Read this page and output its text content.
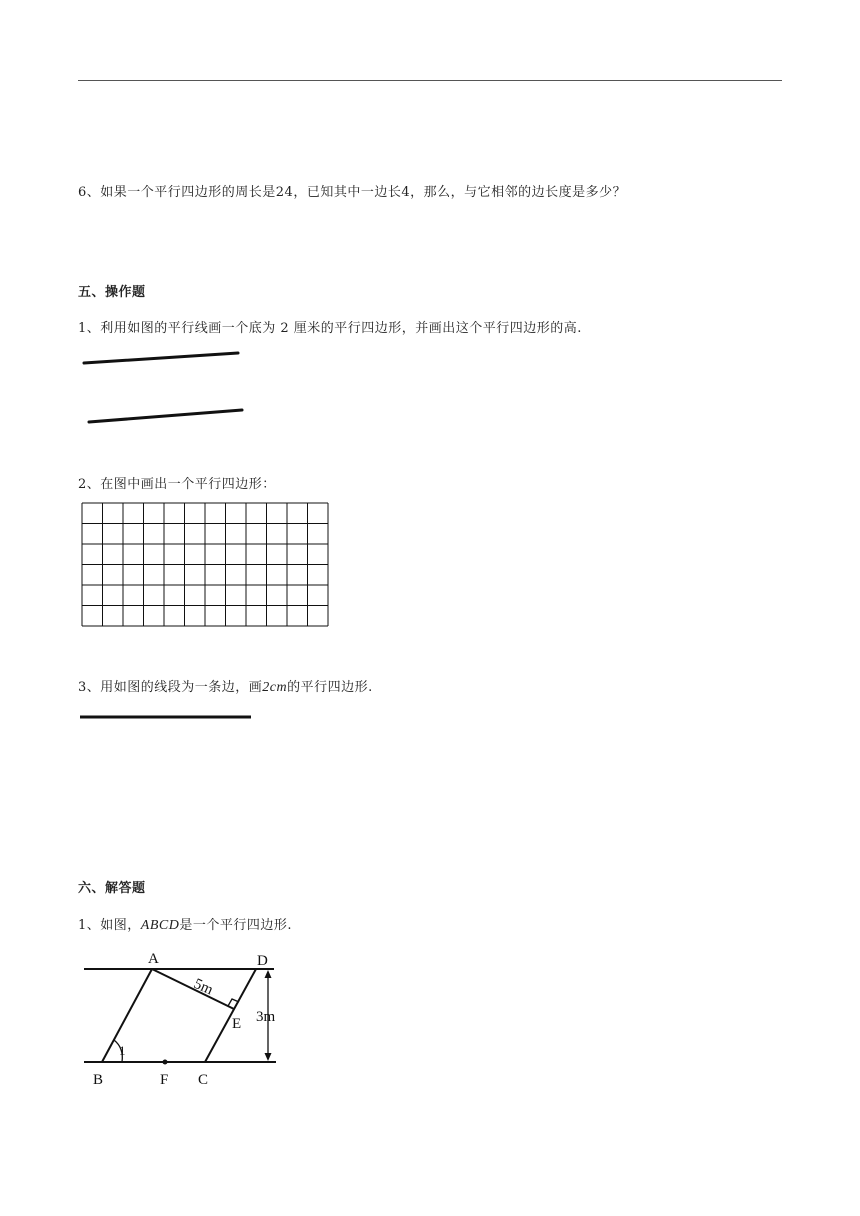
6、如果一个平行四边形的周长是24，已知其中一边长4，那么，与它相邻的边长度是多少？
五、操作题
1、利用如图的平行线画一个底为 2 厘米的平行四边形，并画出这个平行四边形的高.
2、在图中画出一个平行四边形：
3、用如图的线段为一条边，画2cm的平行四边形.
六、解答题
1、如图，ABCD是一个平行四边形.
A	D
B	F C
E
5m
3m
1
